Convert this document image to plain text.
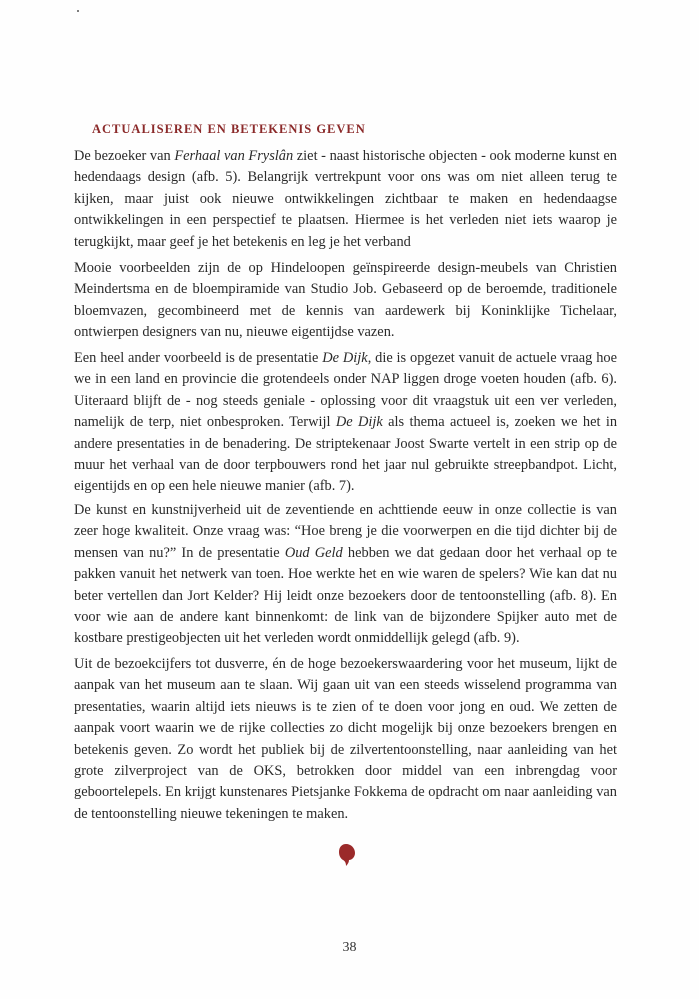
ACTUALISEREN EN BETEKENIS GEVEN

De bezoeker van Ferhaal van Fryslân ziet - naast historische objecten - ook moderne kunst en hedendaags design (afb. 5). Belangrijk vertrekpunt voor ons was om niet alleen terug te kijken, maar juist ook nieuwe ontwikkelingen zichtbaar te maken en hedendaagse ontwikkelingen in een perspectief te plaatsen. Hiermee is het verleden niet iets waarop je terugkijkt, maar geef je het betekenis en leg je het verband

Mooie voorbeelden zijn de op Hindeloopen geïnspireerde design-meubels van Christien Meindertsma en de bloempiramide van Studio Job. Gebaseerd op de beroemde, traditionele bloemvazen, gecombineerd met de kennis van aardewerk bij Koninklijke Tichelaar, ontwierpen designers van nu, nieuwe eigentijdse vazen.

Een heel ander voorbeeld is de presentatie De Dijk, die is opgezet vanuit de actuele vraag hoe we in een land en provincie die grotendeels onder NAP liggen droge voeten houden (afb. 6). Uiteraard blijft de - nog steeds geniale - oplossing voor dit vraagstuk uit een ver verleden, namelijk de terp, niet onbesproken. Terwijl De Dijk als thema actueel is, zoeken we het in andere presentaties in de benadering. De striptekenaar Joost Swarte vertelt in een strip op de muur het verhaal van de door terpbouwers rond het jaar nul gebruikte streepbandpot. Licht, eigentijds en op een hele nieuwe manier (afb. 7).

De kunst en kunstnijverheid uit de zeventiende en achttiende eeuw in onze collectie is van zeer hoge kwaliteit. Onze vraag was: “Hoe breng je die voorwerpen en die tijd dichter bij de mensen van nu?” In de presentatie Oud Geld hebben we dat gedaan door het verhaal op te pakken vanuit het netwerk van toen. Hoe werkte het en wie waren de spelers? Wie kan dat nu beter vertellen dan Jort Kelder? Hij leidt onze bezoekers door de tentoonstelling (afb. 8). En voor wie aan de andere kant binnenkomt: de link van de bijzondere Spijker auto met de kostbare prestigeobjecten uit het verleden wordt onmiddellijk gelegd (afb. 9).

Uit de bezoekcijfers tot dusverre, én de hoge bezoekerswaardering voor het museum, lijkt de aanpak van het museum aan te slaan. Wij gaan uit van een steeds wisselend programma van presentaties, waarin altijd iets nieuws is te zien of te doen voor jong en oud. We zetten de aanpak voort waarin we de rijke collecties zo dicht mogelijk bij onze bezoekers brengen en betekenis geven. Zo wordt het publiek bij de zilvertentoonstelling, naar aanleiding van het grote zilverproject van de OKS, betrokken door middel van een inbrengdag voor geboortelepels. En krijgt kunstenares Pietsjanke Fokkema de opdracht om naar aanleiding van de tentoonstelling nieuwe tekeningen te maken.

38
